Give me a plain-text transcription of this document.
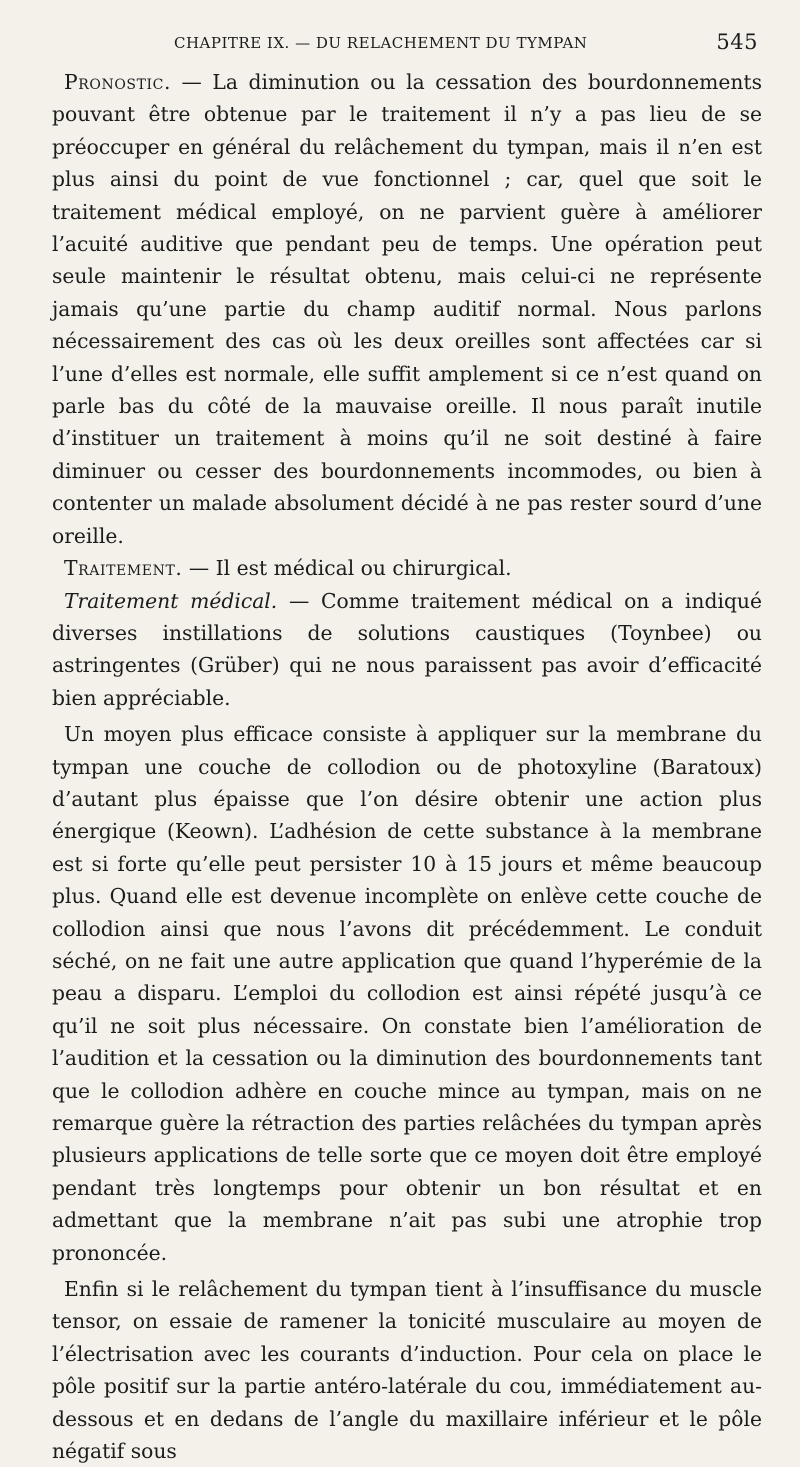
CHAPITRE IX. — DU RELACHEMENT DU TYMPAN	545

Pronostic. — La diminution ou la cessation des bourdonnements pouvant être obtenue par le traitement il n’y a pas lieu de se préoccuper en général du relâchement du tympan, mais il n’en est plus ainsi du point de vue fonctionnel ; car, quel que soit le traitement médical employé, on ne parvient guère à améliorer l’acuité auditive que pendant peu de temps. Une opération peut seule maintenir le résultat obtenu, mais celui-ci ne représente jamais qu’une partie du champ auditif normal. Nous parlons nécessairement des cas où les deux oreilles sont affectées car si l’une d’elles est normale, elle suffit amplement si ce n’est quand on parle bas du côté de la mauvaise oreille. Il nous paraît inutile d’instituer un traitement à moins qu’il ne soit destiné à faire diminuer ou cesser des bourdonnements incommodes, ou bien à contenter un malade absolument décidé à ne pas rester sourd d’une oreille.

Traitement. — Il est médical ou chirurgical.

Traitement médical. — Comme traitement médical on a indiqué diverses instillations de solutions caustiques (Toynbee) ou astringentes (Grüber) qui ne nous paraissent pas avoir d’efficacité bien appréciable.

Un moyen plus efficace consiste à appliquer sur la membrane du tympan une couche de collodion ou de photoxyline (Baratoux) d’autant plus épaisse que l’on désire obtenir une action plus énergique (Keown). L’adhésion de cette substance à la membrane est si forte qu’elle peut persister 10 à 15 jours et même beaucoup plus. Quand elle est devenue incomplète on enlève cette couche de collodion ainsi que nous l’avons dit précédemment. Le conduit séché, on ne fait une autre application que quand l’hyperémie de la peau a disparu. L’emploi du collodion est ainsi répété jusqu’à ce qu’il ne soit plus nécessaire. On constate bien l’amélioration de l’audition et la cessation ou la diminution des bourdonnements tant que le collodion adhère en couche mince au tympan, mais on ne remarque guère la rétraction des parties relâchées du tympan après plusieurs applications de telle sorte que ce moyen doit être employé pendant très longtemps pour obtenir un bon résultat et en admettant que la membrane n’ait pas subi une atrophie trop prononcée.

Enfin si le relâchement du tympan tient à l’insuffisance du muscle tensor, on essaie de ramener la tonicité musculaire au moyen de l’électrisation avec les courants d’induction. Pour cela on place le pôle positif sur la partie antéro-latérale du cou, immédiatement au-dessous et en dedans de l’angle du maxillaire inférieur et le pôle négatif sous
